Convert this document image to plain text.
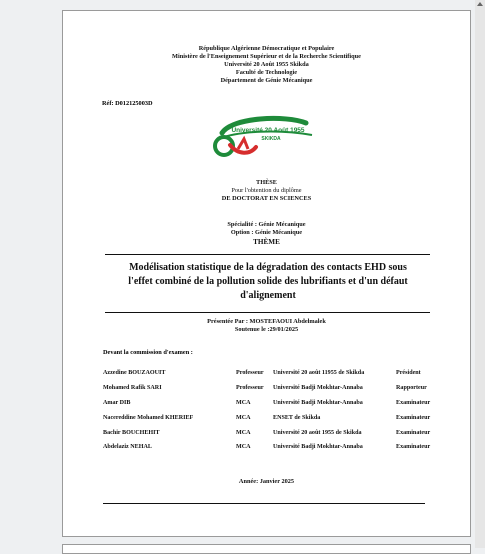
République Algérienne Démocratique et Populaire
Ministère de l'Enseignement Supérieur et de la Recherche Scientifique
Université 20 Août 1955 Skikda
Faculté de Technologie
Département de Génie Mécanique
Réf: D012125003D
Université 20 Août 1955
SKIKDA
THÈSE
Pour l'obtention du diplôme
DE DOCTORAT EN SCIENCES
Spécialité : Génie Mécanique
Option : Génie Mécanique
THÈME
Modélisation statistique de la dégradation des contacts EHD sous
l'effet combiné de la pollution solide des lubrifiants et d'un défaut
d'alignement
Présentée Par : MOSTEFAOUI Abdelmalek
Soutenue le :29/01/2025
Devant la commission d'examen :
Azzedine BOUZAOUIT	Professeur	Université 20 août 11955 de Skikda	Président
Mohamed Rafik SARI	Professeur	Université Badji Mokhtar-Annaba	Rapporteur
Amar DIB	MCA	Université Badji Mokhtar-Annaba	Examinateur
Nacereddine Mohamed KHERIEF	MCA	ENSET de Skikda	Examinateur
Bachir BOUCHEHIT	MCA	Université 20 août 1955 de Skikda	Examinateur
Abdelaziz NEHAL	MCA	Université Badji Mokhtar-Annaba	Examinateur
Année: Janvier 2025
